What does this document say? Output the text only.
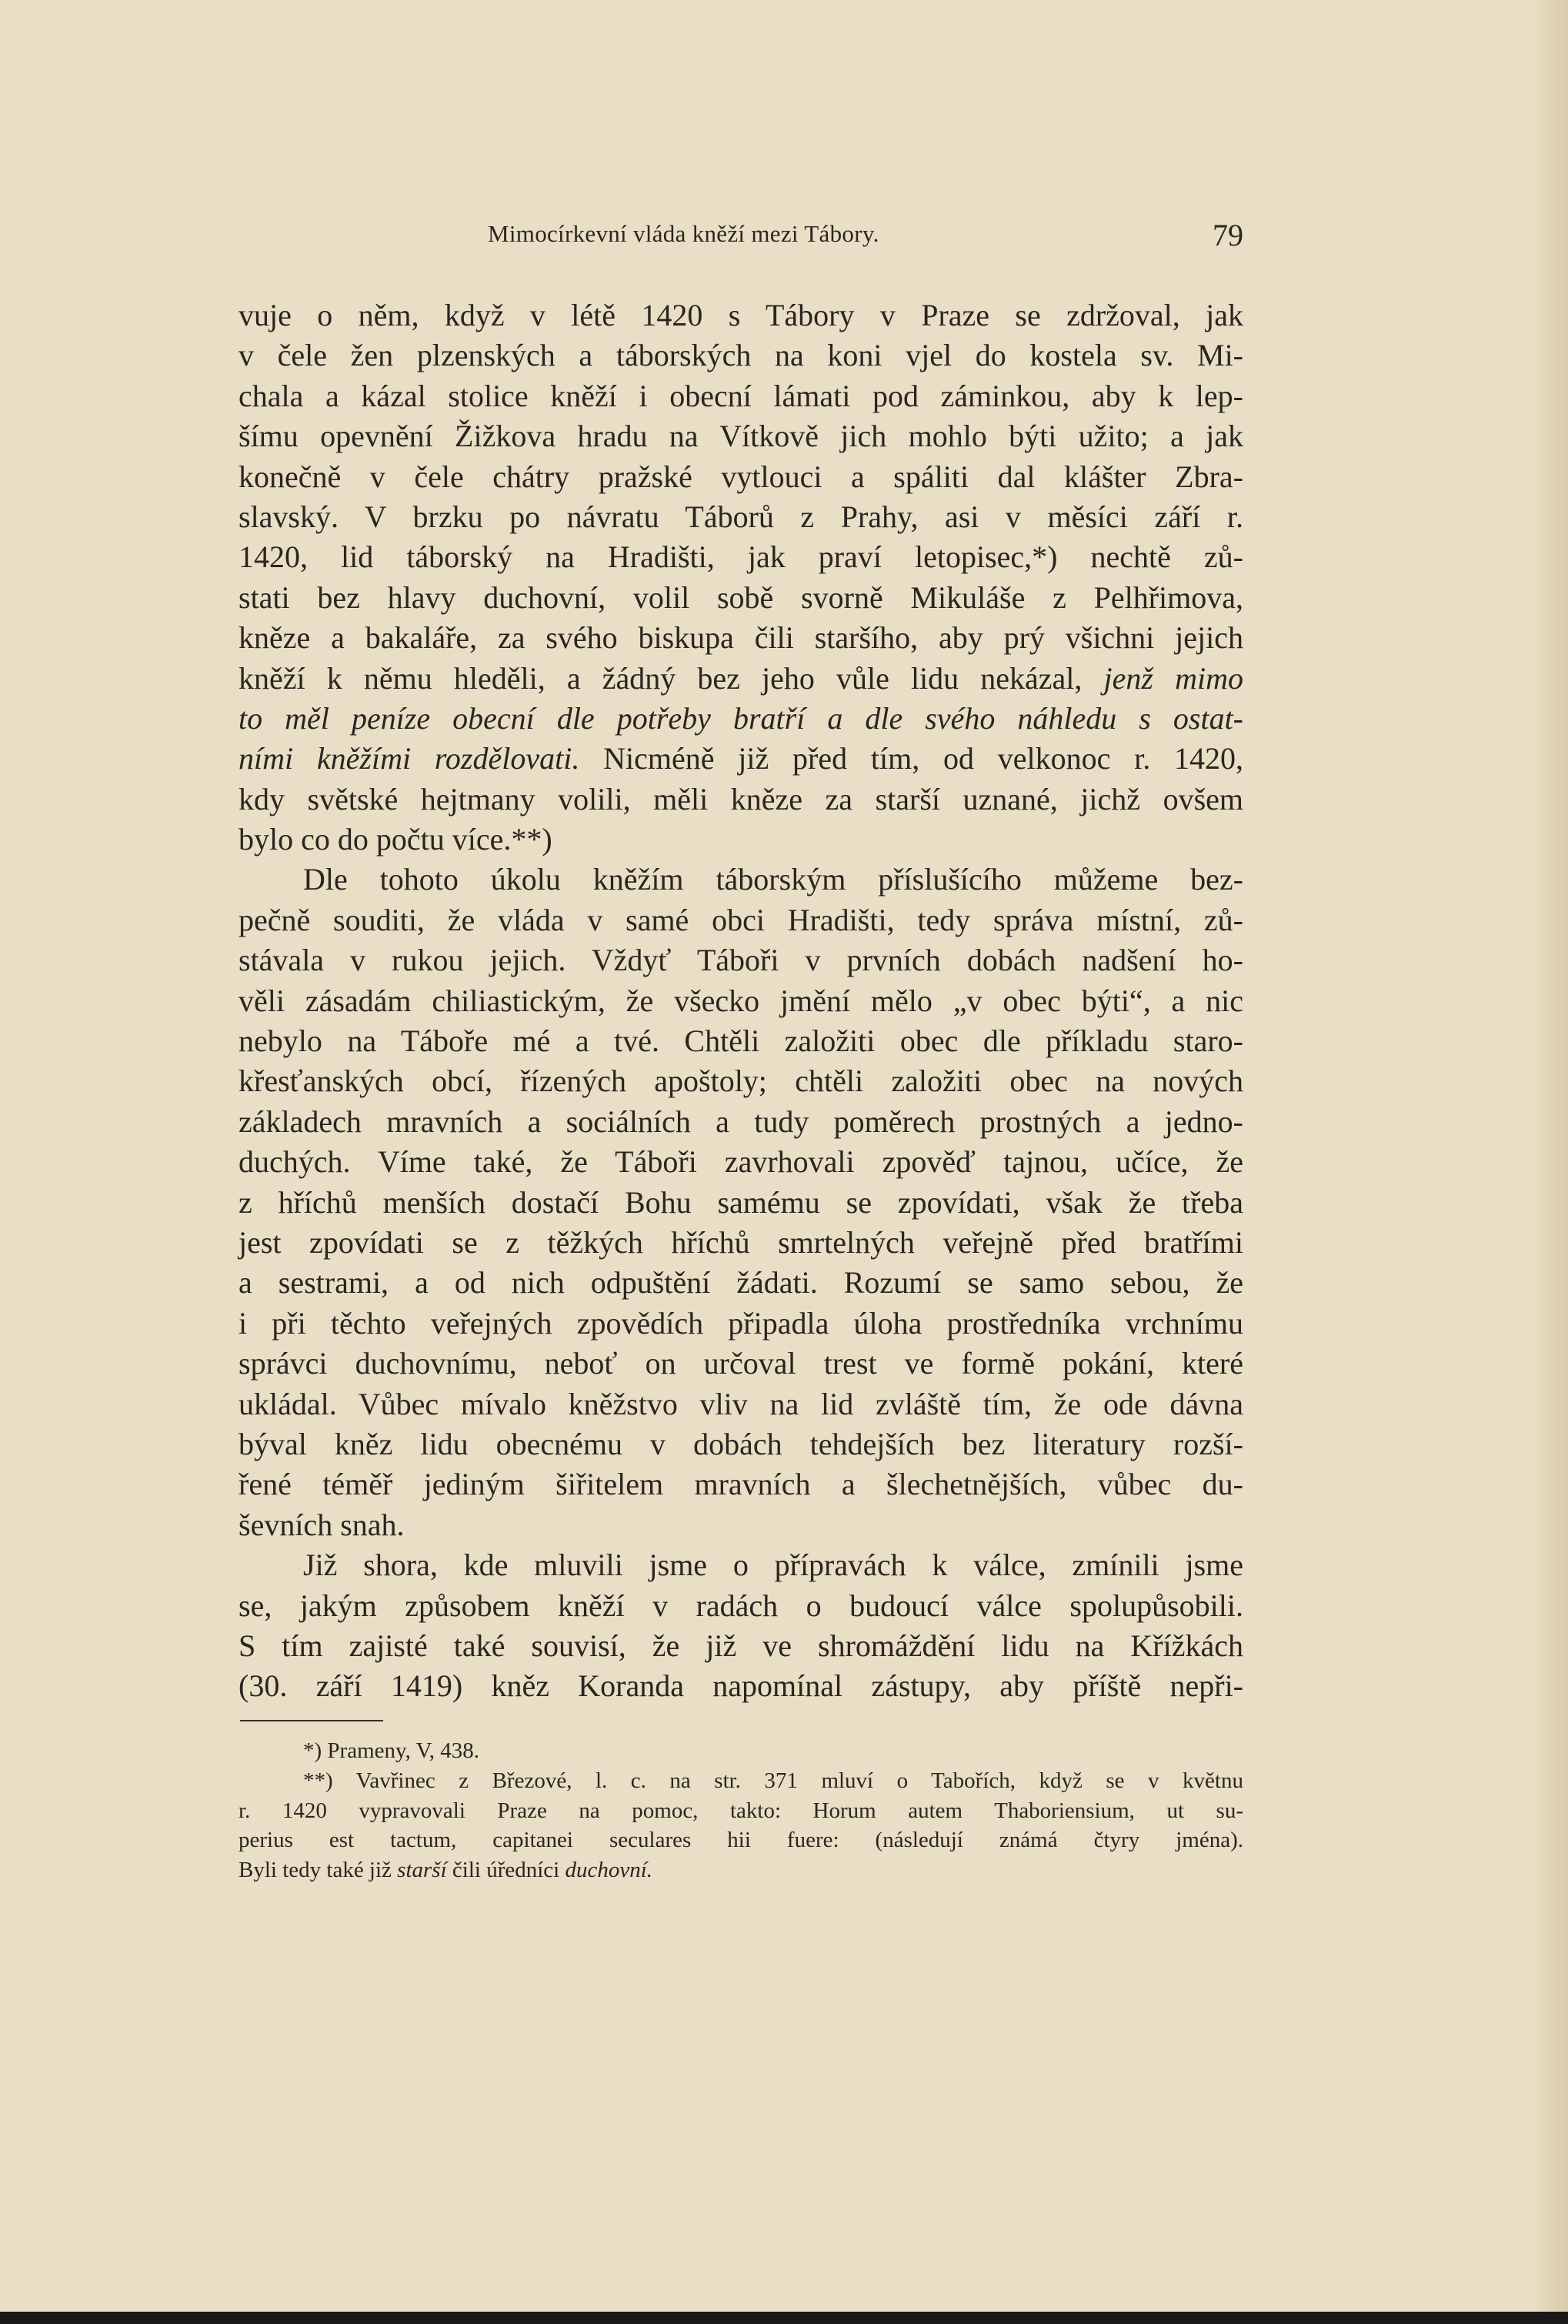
Mimocírkevní vláda kněží mezi Tábory.	79
vuje o něm, když v létě 1420 s Tábory v Praze se zdržoval, jak
v čele žen plzenských a táborských na koni vjel do kostela sv. Mi-
chala a kázal stolice kněží i obecní lámati pod záminkou, aby k lep-
šímu opevnění Žižkova hradu na Vítkově jich mohlo býti užito; a jak
konečně v čele chátry pražské vytlouci a spáliti dal klášter Zbra-
slavský. V brzku po návratu Táborů z Prahy, asi v měsíci září r.
1420, lid táborský na Hradišti, jak praví letopisec,*) nechtě zů-
stati bez hlavy duchovní, volil sobě svorně Mikuláše z Pelhřimova,
kněze a bakaláře, za svého biskupa čili staršího, aby prý všichni jejich
kněží k němu hleděli, a žádný bez jeho vůle lidu nekázal, jenž mimo
to měl peníze obecní dle potřeby bratří a dle svého náhledu s ostat-
ními kněžími rozdělovati. Nicméně již před tím, od velkonoc r. 1420,
kdy světské hejtmany volili, měli kněze za starší uznané, jichž ovšem
bylo co do počtu více.**)
Dle tohoto úkolu kněžím táborským příslušícího můžeme bez-
pečně souditi, že vláda v samé obci Hradišti, tedy správa místní, zů-
stávala v rukou jejich. Vždyť Táboři v prvních dobách nadšení ho-
věli zásadám chiliastickým, že všecko jmění mělo „v obec býti“, a nic
nebylo na Táboře mé a tvé. Chtěli založiti obec dle příkladu staro-
křesťanských obcí, řízených apoštoly; chtěli založiti obec na nových
základech mravních a sociálních a tudy poměrech prostných a jedno-
duchých. Víme také, že Táboři zavrhovali zpověď tajnou, učíce, že
z hříchů menších dostačí Bohu samému se zpovídati, však že třeba
jest zpovídati se z těžkých hříchů smrtelných veřejně před bratřími
a sestrami, a od nich odpuštění žádati. Rozumí se samo sebou, že
i při těchto veřejných zpovědích připadla úloha prostředníka vrchnímu
správci duchovnímu, neboť on určoval trest ve formě pokání, které
ukládal. Vůbec mívalo kněžstvo vliv na lid zvláště tím, že ode dávna
býval kněz lidu obecnému v dobách tehdejších bez literatury rozší-
řené téměř jediným šiřitelem mravních a šlechetnějších, vůbec du-
ševních snah.
Již shora, kde mluvili jsme o přípravách k válce, zmínili jsme
se, jakým způsobem kněží v radách o budoucí válce spolupůsobili.
S tím zajisté také souvisí, že již ve shromáždění lidu na Křížkách
(30. září 1419) kněz Koranda napomínal zástupy, aby příště nepři-
*) Prameny, V, 438.
**) Vavřinec z Březové, l. c. na str. 371 mluví o Tabořích, když se v květnu
r. 1420 vypravovali Praze na pomoc, takto: Horum autem Thaboriensium, ut su-
perius est tactum, capitanei seculares hii fuere: (následují známá čtyry jména).
Byli tedy také již starší čili úředníci duchovní.
